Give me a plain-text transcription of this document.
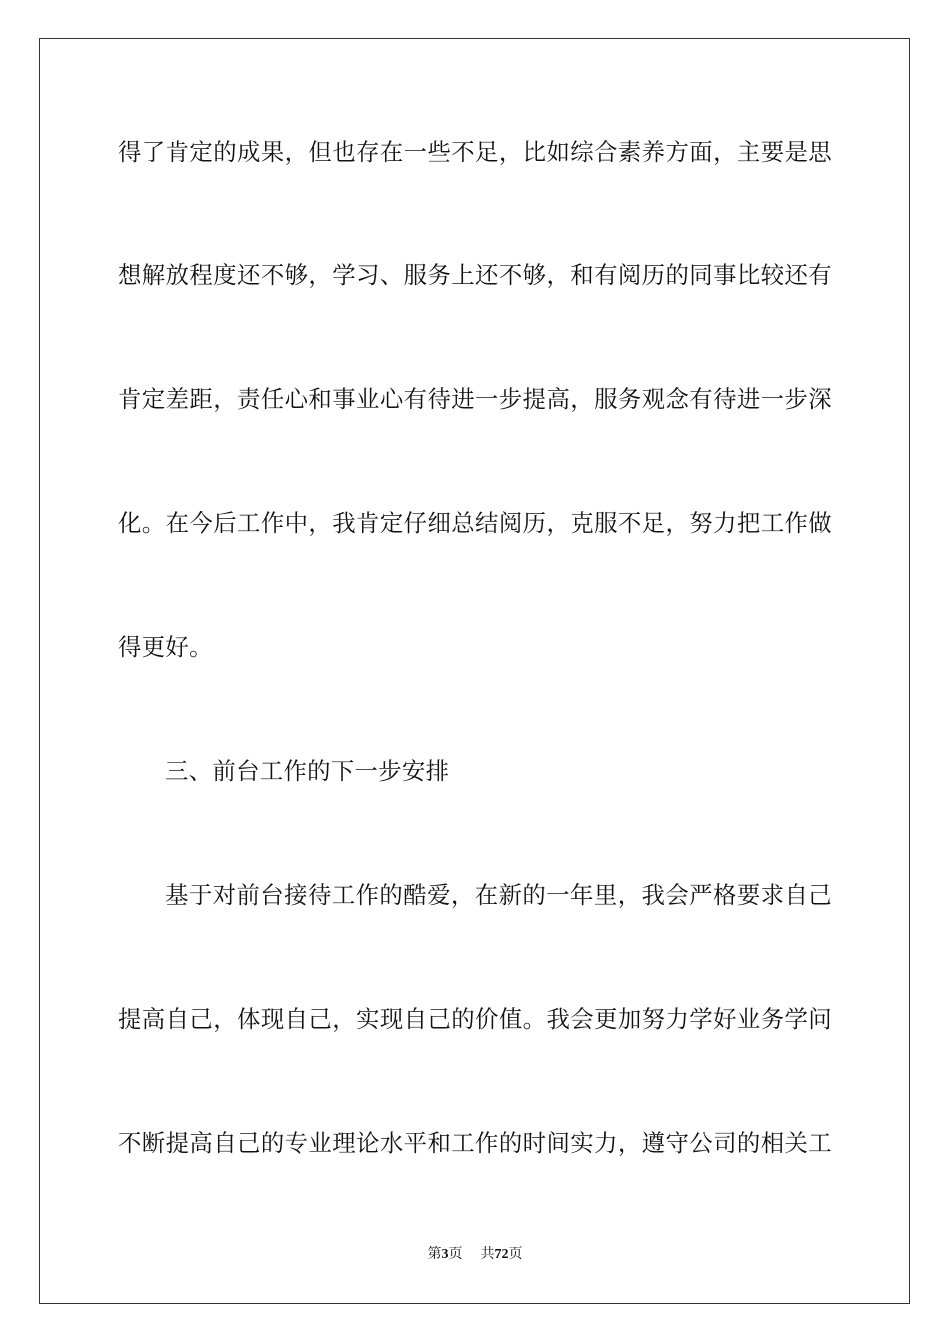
得了肯定的成果，但也存在一些不足，比如综合素养方面，主要是思
想解放程度还不够，学习、服务上还不够，和有阅历的同事比较还有
肯定差距，责任心和事业心有待进一步提高，服务观念有待进一步深
化。在今后工作中，我肯定仔细总结阅历，克服不足，努力把工作做
得更好。
三、前台工作的下一步安排
基于对前台接待工作的酷爱，在新的一年里，我会严格要求自己
提高自己，体现自己，实现自己的价值。我会更加努力学好业务学问
不断提高自己的专业理论水平和工作的时间实力，遵守公司的相关工
第3页 共72页
